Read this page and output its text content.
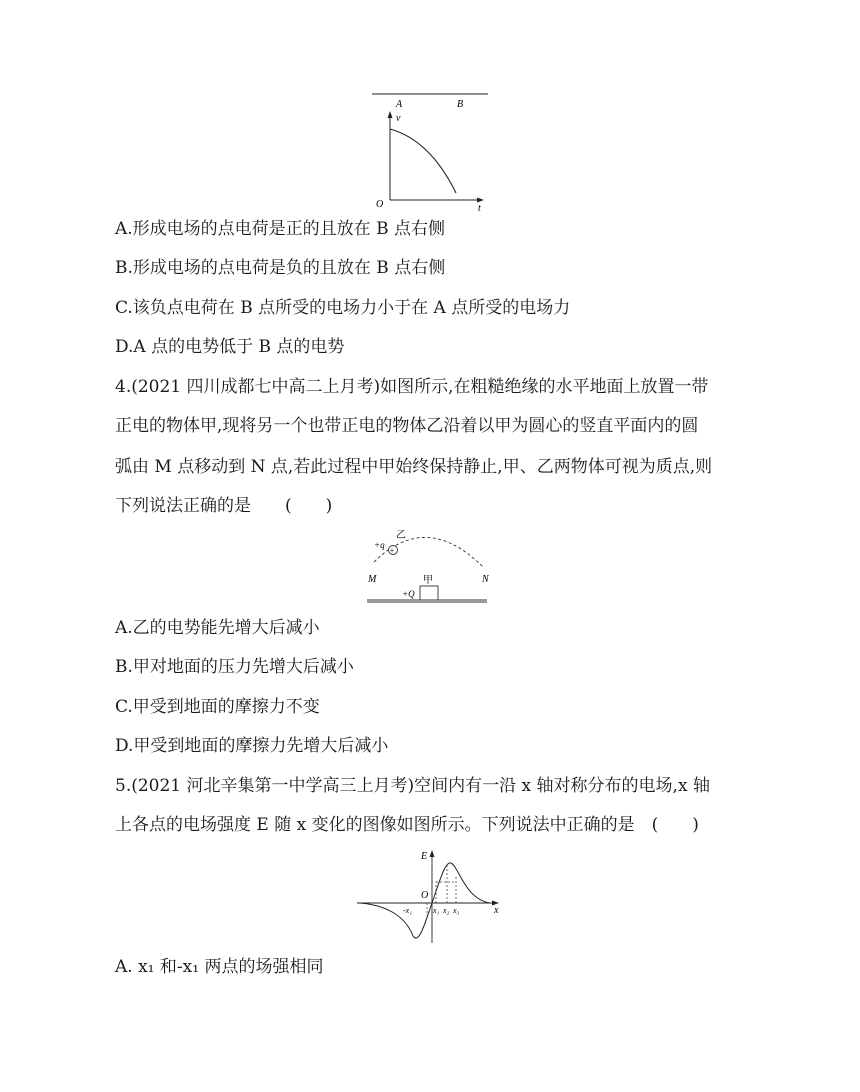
A	B
v
t
O
A.形成电场的点电荷是正的且放在 B 点右侧
B.形成电场的点电荷是负的且放在 B 点右侧
C.该负点电荷在 B 点所受的电场力小于在 A 点所受的电场力
D.A 点的电势低于 B 点的电势
4.(2021 四川成都七中高二上月考)如图所示,在粗糙绝缘的水平地面上放置一带
正电的物体甲,现将另一个也带正电的物体乙沿着以甲为圆心的竖直平面内的圆
弧由 M 点移动到 N 点,若此过程中甲始终保持静止,甲、乙两物体可视为质点,则
下列说法正确的是　　(　　)
乙
+q
+
M	N
甲
+Q
A.乙的电势能先增大后减小
B.甲对地面的压力先增大后减小
C.甲受到地面的摩擦力不变
D.甲受到地面的摩擦力先增大后减小
5.(2021 河北辛集第一中学高三上月考)空间内有一沿 x 轴对称分布的电场,x 轴
上各点的电场强度 E 随 x 变化的图像如图所示。下列说法中正确的是　(　　)
x
E
O
-x₁	x₁ x₂ x₃
A. x₁ 和-x₁ 两点的场强相同
